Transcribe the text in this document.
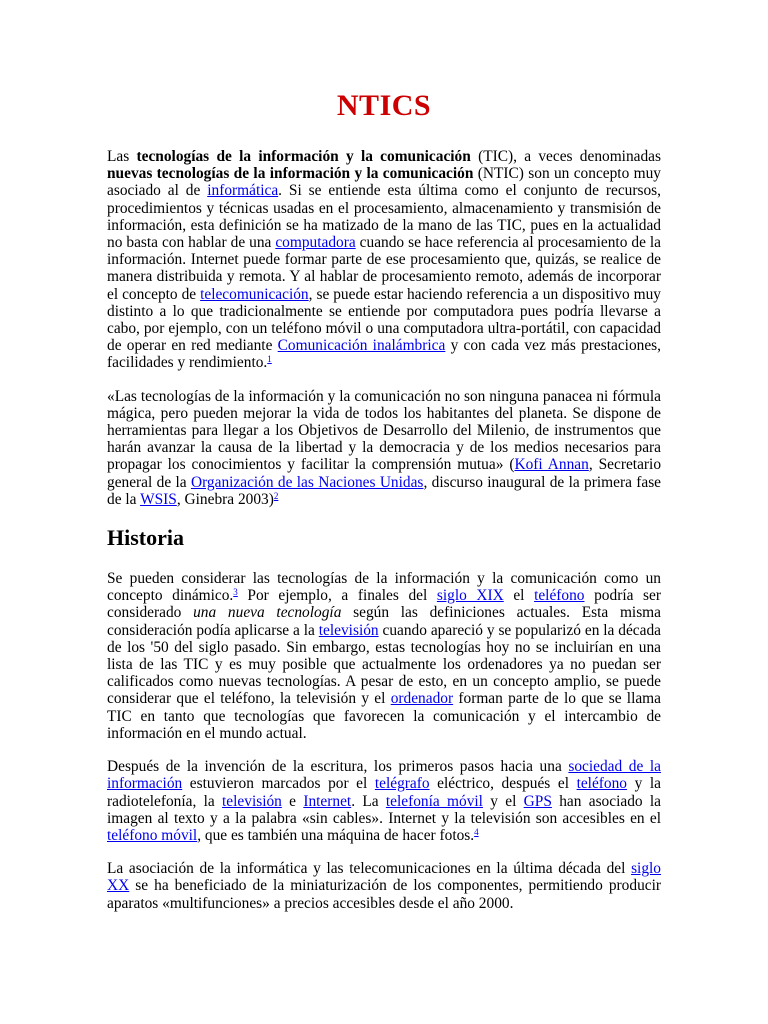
NTICS

Las tecnologías de la información y la comunicación (TIC), a veces denominadas nuevas tecnologías de la información y la comunicación (NTIC) son un concepto muy asociado al de informática. Si se entiende esta última como el conjunto de recursos, procedimientos y técnicas usadas en el procesamiento, almacenamiento y transmisión de información, esta definición se ha matizado de la mano de las TIC, pues en la actualidad no basta con hablar de una computadora cuando se hace referencia al procesamiento de la información. Internet puede formar parte de ese procesamiento que, quizás, se realice de manera distribuida y remota. Y al hablar de procesamiento remoto, además de incorporar el concepto de telecomunicación, se puede estar haciendo referencia a un dispositivo muy distinto a lo que tradicionalmente se entiende por computadora pues podría llevarse a cabo, por ejemplo, con un teléfono móvil o una computadora ultra-portátil, con capacidad de operar en red mediante Comunicación inalámbrica y con cada vez más prestaciones, facilidades y rendimiento.$^1$

«Las tecnologías de la información y la comunicación no son ninguna panacea ni fórmula mágica, pero pueden mejorar la vida de todos los habitantes del planeta. Se dispone de herramientas para llegar a los Objetivos de Desarrollo del Milenio, de instrumentos que harán avanzar la causa de la libertad y la democracia y de los medios necesarios para propagar los conocimientos y facilitar la comprensión mutua» (Kofi Annan, Secretario general de la Organización de las Naciones Unidas, discurso inaugural de la primera fase de la WSIS, Ginebra 2003)$^2$

Historia

Se pueden considerar las tecnologías de la información y la comunicación como un concepto dinámico.$^3$ Por ejemplo, a finales del siglo XIX el teléfono podría ser considerado una nueva tecnología según las definiciones actuales. Esta misma consideración podía aplicarse a la televisión cuando apareció y se popularizó en la década de los '50 del siglo pasado. Sin embargo, estas tecnologías hoy no se incluirían en una lista de las TIC y es muy posible que actualmente los ordenadores ya no puedan ser calificados como nuevas tecnologías. A pesar de esto, en un concepto amplio, se puede considerar que el teléfono, la televisión y el ordenador forman parte de lo que se llama TIC en tanto que tecnologías que favorecen la comunicación y el intercambio de información en el mundo actual.

Después de la invención de la escritura, los primeros pasos hacia una sociedad de la información estuvieron marcados por el telégrafo eléctrico, después el teléfono y la radiotelefonía, la televisión e Internet. La telefonía móvil y el GPS han asociado la imagen al texto y a la palabra «sin cables». Internet y la televisión son accesibles en el teléfono móvil, que es también una máquina de hacer fotos.$^4$

La asociación de la informática y las telecomunicaciones en la última década del siglo XX se ha beneficiado de la miniaturización de los componentes, permitiendo producir aparatos «multifunciones» a precios accesibles desde el año 2000.
